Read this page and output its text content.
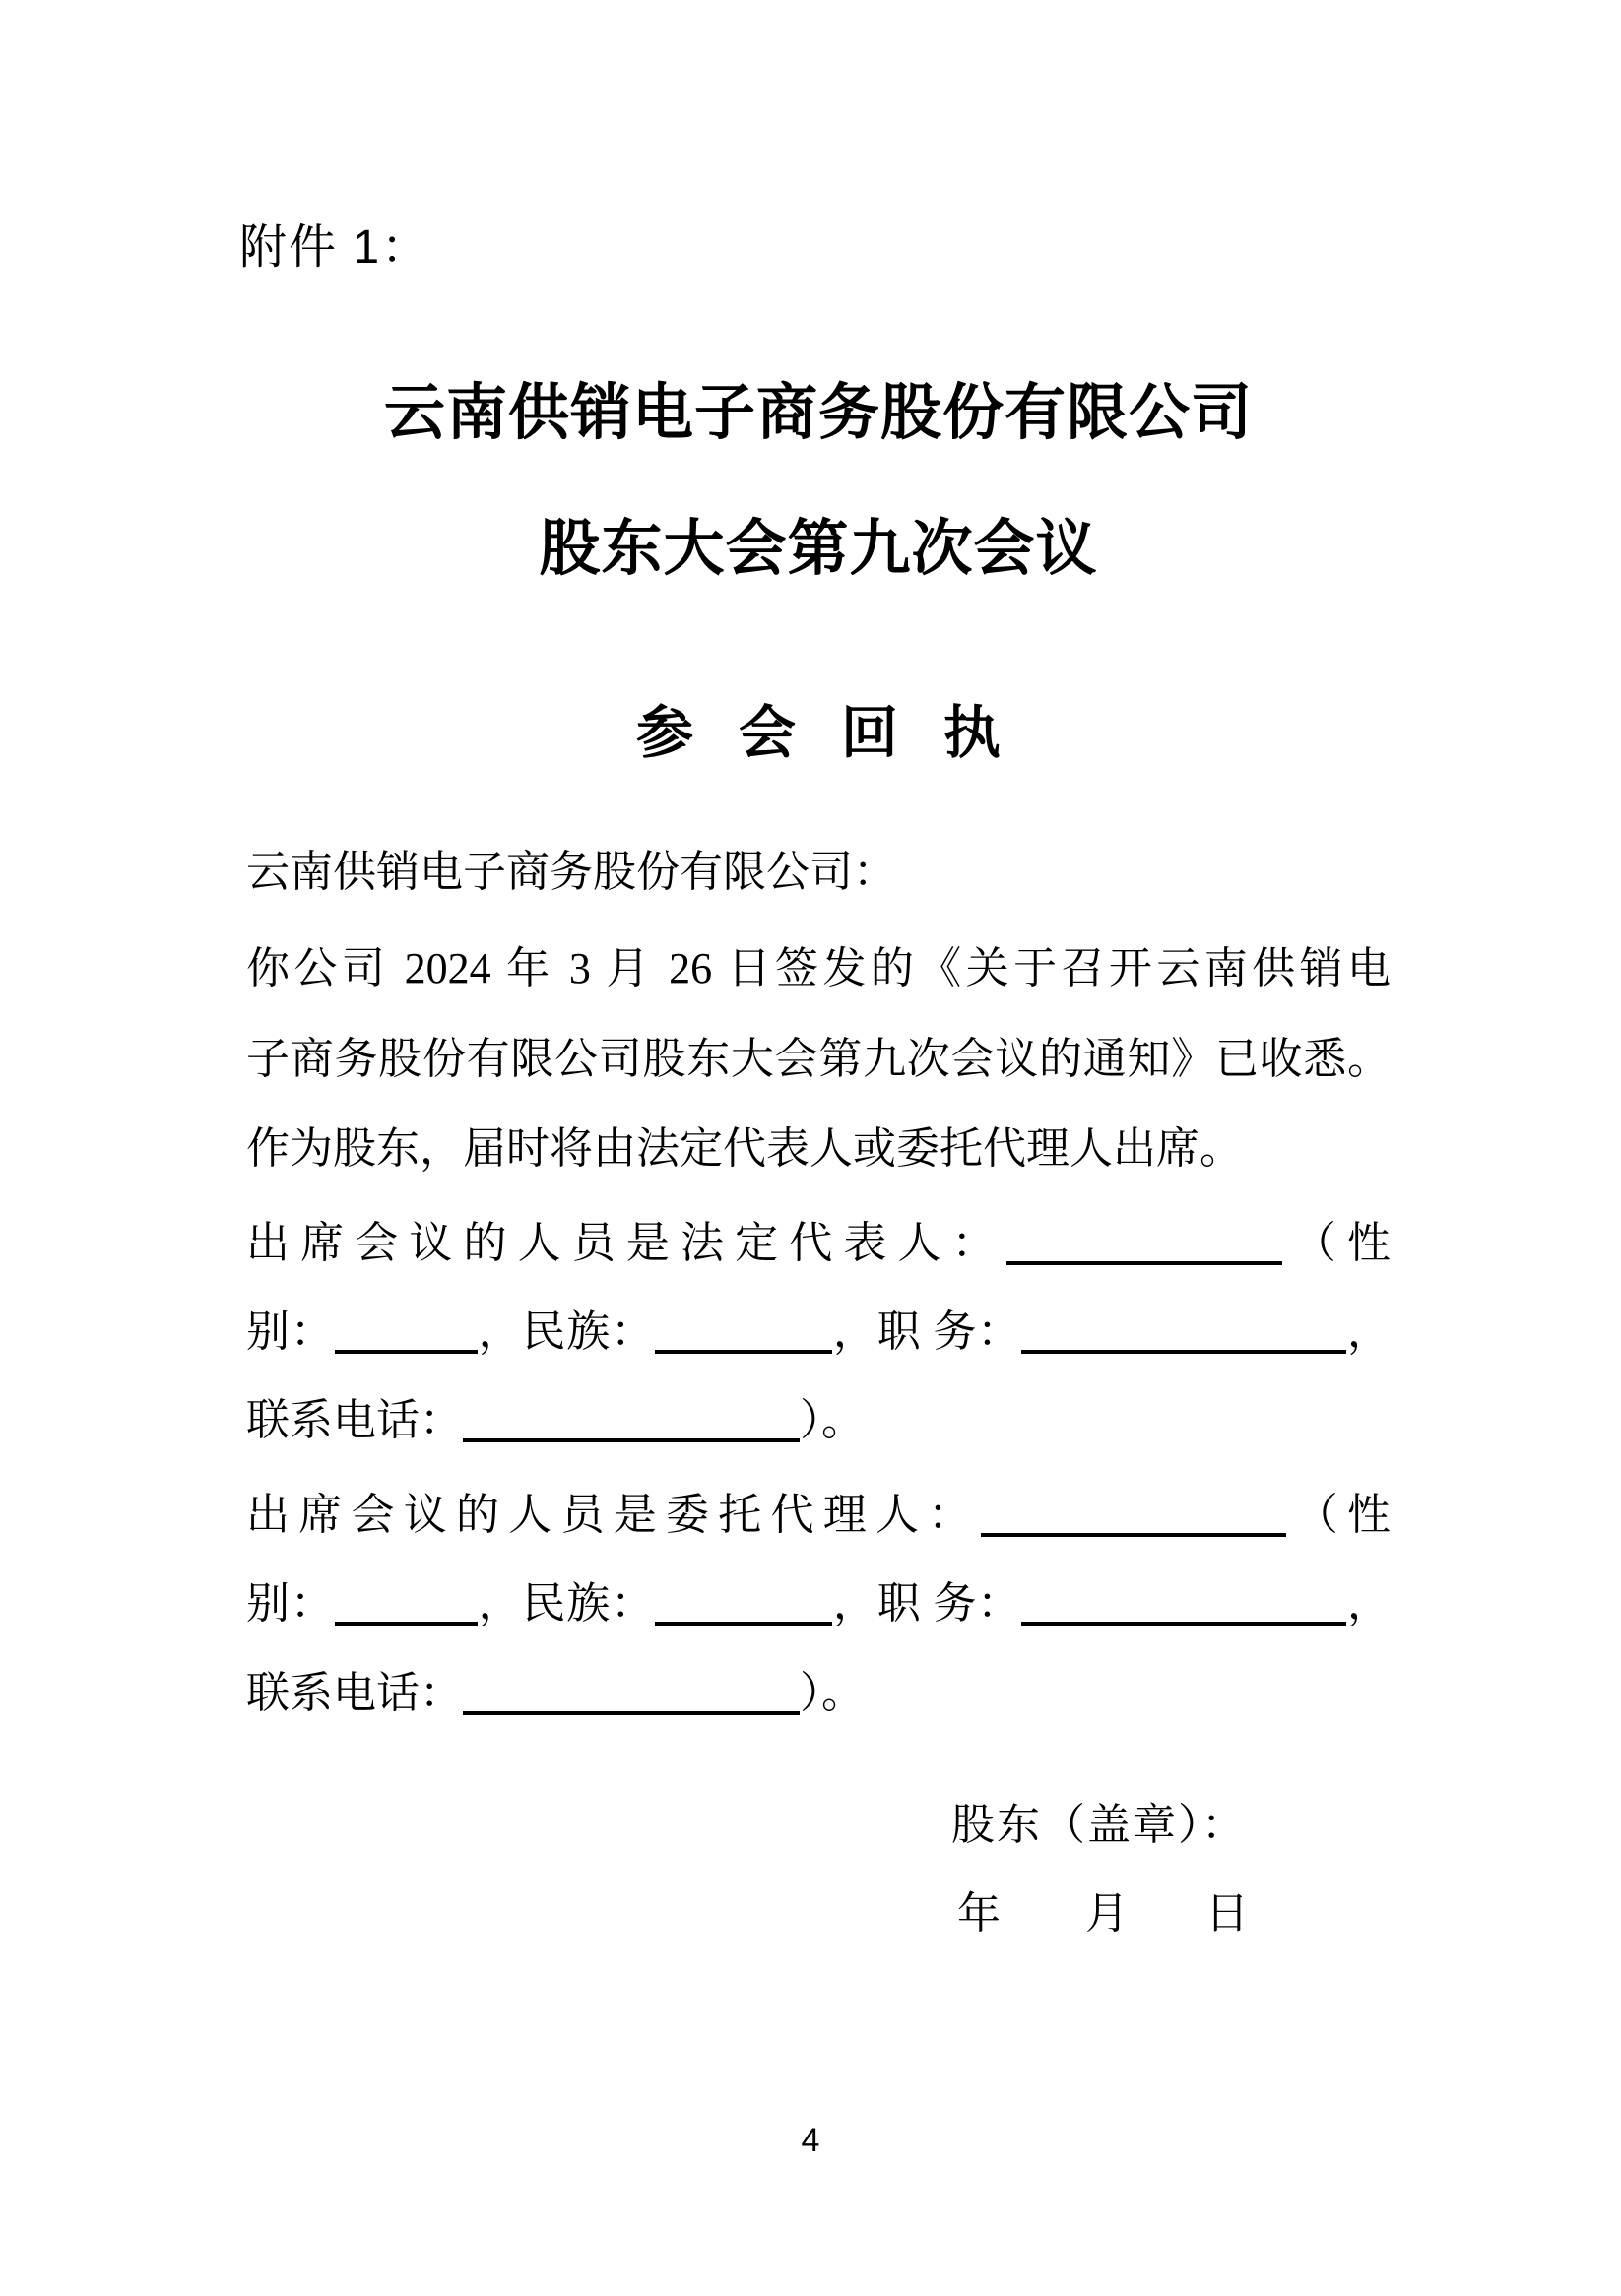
附件 1：
云南供销电子商务股份有限公司
股东大会第九次会议
参会回执
云南供销电子商务股份有限公司：
你公司 2024 年 3 月 26 日签发的《关于召开云南供销电
子商务股份有限公司股东大会第九次会议的通知》已收悉。
作为股东，届时将由法定代表人或委托代理人出席。
出席会议的人员是法定代表人：	（性
别：	，民族：	，职 务：	，
联系电话：	）。
出席会议的人员是委托代理人：	（性
别：	，民族：	，职 务：	，
联系电话：	）。
股东（盖章）：
年 月 日
4
